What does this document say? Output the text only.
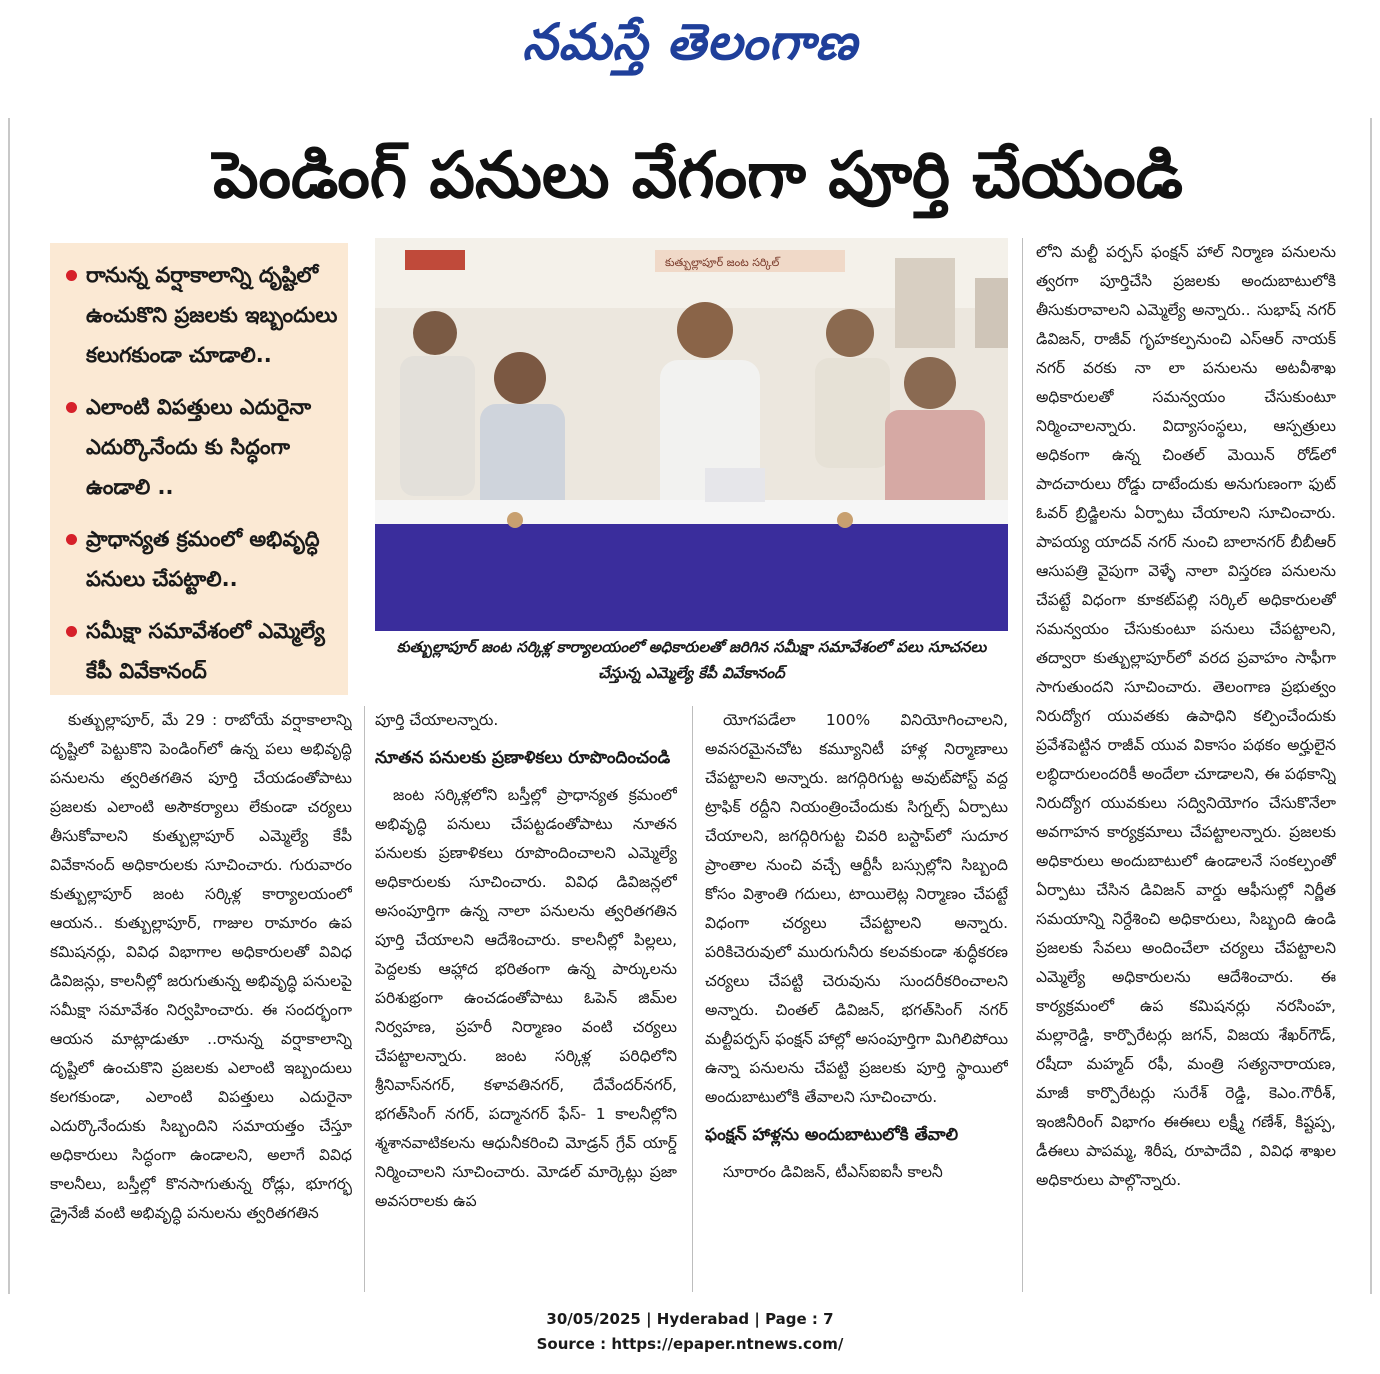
నమస్తే తెలంగాణ
పెండింగ్ పనులు వేగంగా పూర్తి చేయండి
రానున్న వర్షాకాలాన్ని దృష్టిలో ఉంచుకొని ప్రజలకు ఇబ్బందులు కలుగకుండా చూడాలి..
ఎలాంటి విపత్తులు ఎదురైనా ఎదుర్కొనేందు కు సిద్ధంగా ఉండాలి ..
ప్రాధాన్యత క్రమంలో అభివృద్ధి పనులు చేపట్టాలి..
సమీక్షా సమావేశంలో ఎమ్మెల్యే కేపీ వివేకానంద్
కుత్బుల్లాపూర్ జంట సర్కిల్
కుత్బుల్లాపూర్ జంట సర్కిళ్ల కార్యాలయంలో అధికారులతో జరిగిన సమీక్షా సమావేశంలో పలు సూచనలు చేస్తున్న ఎమ్మెల్యే కేపీ వివేకానంద్

కుత్బుల్లాపూర్, మే 29 : రాబోయే వర్షాకాలాన్ని దృష్టిలో పెట్టుకొని పెండింగ్‌లో ఉన్న పలు అభివృద్ధి పనులను త్వరితగతిన పూర్తి చేయడంతోపాటు ప్రజలకు ఎలాంటి అసౌకర్యాలు లేకుండా చర్యలు తీసుకోవాలని కుత్బుల్లాపూర్ ఎమ్మెల్యే కేపీ వివేకానంద్ అధికారులకు సూచించారు. గురువారం కుత్బుల్లాపూర్ జంట సర్కిళ్ల కార్యాలయంలో ఆయన.. కుత్బుల్లాపూర్, గాజుల రామారం ఉప కమిషనర్లు, వివిధ విభాగాల అధికారులతో వివిధ డివిజన్లు, కాలనీల్లో జరుగుతున్న అభివృద్ధి పనులపై సమీక్షా సమావేశం నిర్వహించారు. ఈ సందర్భంగా ఆయన మాట్లాడుతూ ..రానున్న వర్షాకాలాన్ని దృష్టిలో ఉంచుకొని ప్రజలకు ఎలాంటి ఇబ్బందులు కలగకుండా, ఎలాంటి విపత్తులు ఎదురైనా ఎదుర్కొనేందుకు సిబ్బందిని సమాయత్తం చేస్తూ అధికారులు సిద్ధంగా ఉండాలని, అలాగే వివిధ కాలనీలు, బస్తీల్లో కొనసాగుతున్న రోడ్లు, భూగర్భ డ్రైనేజీ వంటి అభివృద్ధి పనులను త్వరితగతిన

పూర్తి చేయాలన్నారు.

నూతన పనులకు ప్రణాళికలు రూపొందించండి

జంట సర్కిళ్లలోని బస్తీల్లో ప్రాధాన్యత క్రమంలో అభివృద్ధి పనులు చేపట్టడంతోపాటు నూతన పనులకు ప్రణాళికలు రూపొందించాలని ఎమ్మెల్యే అధికారులకు సూచించారు. వివిధ డివిజన్లలో అసంపూర్తిగా ఉన్న నాలా పనులను త్వరితగతిన పూర్తి చేయాలని ఆదేశించారు. కాలనీల్లో పిల్లలు, పెద్దలకు ఆహ్లాద భరితంగా ఉన్న పార్కులను పరిశుభ్రంగా ఉంచడంతోపాటు ఓపెన్ జిమ్‌ల నిర్వహణ, ప్రహరీ నిర్మాణం వంటి చర్యలు చేపట్టాలన్నారు. జంట సర్కిళ్ల పరిధిలోని శ్రీనివాస్‌నగర్, కళావతినగర్, దేవేందర్‌నగర్, భగత్‌సింగ్ నగర్, పద్మానగర్ ఫేస్- 1 కాలనీల్లోని శ్మశానవాటికలను ఆధునీకరించి మోడ్రన్ గ్రేవ్ యార్డ్ నిర్మించాలని సూచించారు. మోడల్ మార్కెట్లు ప్రజా అవసరాలకు ఉప

యోగపడేలా 100% వినియోగించాలని, అవసరమైనచోట కమ్యూనిటీ హాళ్ల నిర్మాణాలు చేపట్టాలని అన్నారు. జగద్గిరిగుట్ట అవుట్‌పోస్ట్ వద్ద ట్రాఫిక్ రద్దీని నియంత్రించేందుకు సిగ్నల్స్ ఏర్పాటు చేయాలని, జగద్గిరిగుట్ట చివరి బస్టాప్‌లో సుదూర ప్రాంతాల నుంచి వచ్చే ఆర్టీసీ బస్సుల్లోని సిబ్బంది కోసం విశ్రాంతి గదులు, టాయిలెట్ల నిర్మాణం చేపట్టే విధంగా చర్యలు చేపట్టాలని అన్నారు. పరికిచెరువులో మురుగునీరు కలవకుండా శుద్ధీకరణ చర్యలు చేపట్టి చెరువును సుందరీకరించాలని అన్నారు. చింతల్ డివిజన్, భగత్‌సింగ్ నగర్ మల్టీపర్పస్ ఫంక్షన్ హాల్లో అసంపూర్తిగా మిగిలిపోయి ఉన్నా పనులను చేపట్టి ప్రజలకు పూర్తి స్థాయిలో అందుబాటులోకి తేవాలని సూచించారు.

ఫంక్షన్ హాళ్లను అందుబాటులోకి తేవాలి

సూరారం డివిజన్, టీఎస్‌ఐఐసీ కాలనీ

లోని మల్టీ పర్పస్ ఫంక్షన్ హాల్ నిర్మాణ పనులను త్వరగా పూర్తిచేసి ప్రజలకు అందుబాటులోకి తీసుకురావాలని ఎమ్మెల్యే అన్నారు.. సుభాష్ నగర్ డివిజన్, రాజీవ్ గృహకల్పనుంచి ఎస్‌ఆర్ నాయక్ నగర్ వరకు నా లా పనులను అటవీశాఖ అధికారులతో సమన్వయం చేసుకుంటూ నిర్మించాలన్నారు. విద్యాసంస్థలు, ఆస్పత్రులు అధికంగా ఉన్న చింతల్ మెయిన్ రోడ్‌లో పాదచారులు రోడ్డు దాటేందుకు అనుగుణంగా ఫుట్ ఓవర్ బ్రిడ్జిలను ఏర్పాటు చేయాలని సూచించారు. పాపయ్య యాదవ్ నగర్ నుంచి బాలానగర్ బీబీఆర్ ఆసుపత్రి వైపుగా వెళ్ళే నాలా విస్తరణ పనులను చేపట్టే విధంగా కూకట్‌పల్లి సర్కిల్ అధికారులతో సమన్వయం చేసుకుంటూ పనులు చేపట్టాలని, తద్వారా కుత్బుల్లాపూర్‌లో వరద ప్రవాహం సాఫీగా సాగుతుందని సూచించారు. తెలంగాణ ప్రభుత్వం నిరుద్యోగ యువతకు ఉపాధిని కల్పించేందుకు ప్రవేశపెట్టిన రాజీవ్ యువ వికాసం పథకం అర్హులైన లబ్ధిదారులందరికీ అందేలా చూడాలని, ఈ పథకాన్ని నిరుద్యోగ యువకులు సద్వినియోగం చేసుకొనేలా అవగాహన కార్యక్రమాలు చేపట్టాలన్నారు. ప్రజలకు అధికారులు అందుబాటులో ఉండాలనే సంకల్పంతో ఏర్పాటు చేసిన డివిజన్ వార్డు ఆఫీసుల్లో నిర్ణీత సమయాన్ని నిర్దేశించి అధికారులు, సిబ్బంది ఉండి ప్రజలకు సేవలు అందించేలా చర్యలు చేపట్టాలని ఎమ్మెల్యే అధికారులను ఆదేశించారు. ఈ కార్యక్రమంలో ఉప కమిషనర్లు నరసింహ, మల్లారెడ్డి, కార్పొరేటర్లు జగన్, విజయ శేఖర్‌గౌడ్, రషీదా మహ్మద్ రఫీ, మంత్రి సత్యనారాయణ, మాజీ కార్పొరేటర్లు సురేశ్ రెడ్డి, కెఎం.గౌరీశ్, ఇంజినీరింగ్ విభాగం ఈఈలు లక్ష్మీ గణేశ్, కిష్టప్ప, డీఈలు పాపమ్మ, శిరీష, రూపాదేవి , వివిధ శాఖల అధికారులు పాల్గొన్నారు.

30/05/2025 | Hyderabad | Page : 7
Source : https://epaper.ntnews.com/
